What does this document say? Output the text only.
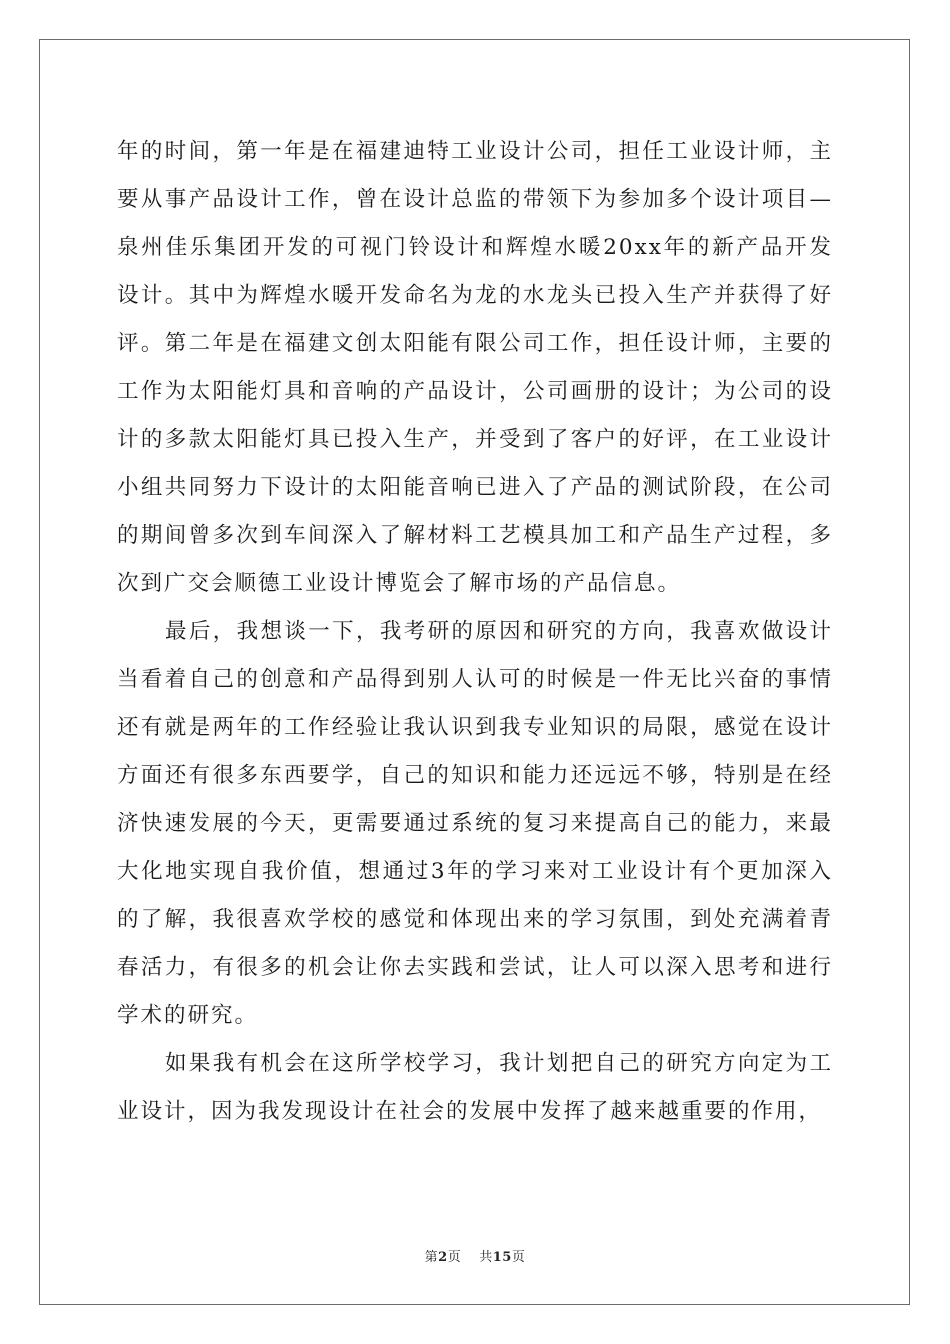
年的时间，第一年是在福建迪特工业设计公司，担任工业设计师，主要从事产品设计工作，曾在设计总监的带领下为参加多个设计项目—泉州佳乐集团开发的可视门铃设计和辉煌水暖20xx年的新产品开发设计。其中为辉煌水暖开发命名为龙的水龙头已投入生产并获得了好评。第二年是在福建文创太阳能有限公司工作，担任设计师，主要的工作为太阳能灯具和音响的产品设计，公司画册的设计；为公司的设计的多款太阳能灯具已投入生产，并受到了客户的好评，在工业设计小组共同努力下设计的太阳能音响已进入了产品的测试阶段，在公司的期间曾多次到车间深入了解材料工艺模具加工和产品生产过程，多次到广交会顺德工业设计博览会了解市场的产品信息。

最后，我想谈一下，我考研的原因和研究的方向，我喜欢做设计当看着自己的创意和产品得到别人认可的时候是一件无比兴奋的事情还有就是两年的工作经验让我认识到我专业知识的局限，感觉在设计方面还有很多东西要学，自己的知识和能力还远远不够，特别是在经济快速发展的今天，更需要通过系统的复习来提高自己的能力，来最大化地实现自我价值，想通过3年的学习来对工业设计有个更加深入的了解，我很喜欢学校的感觉和体现出来的学习氛围，到处充满着青春活力，有很多的机会让你去实践和尝试，让人可以深入思考和进行学术的研究。

如果我有机会在这所学校学习，我计划把自己的研究方向定为工业设计，因为我发现设计在社会的发展中发挥了越来越重要的作用，

第2页 共15页
